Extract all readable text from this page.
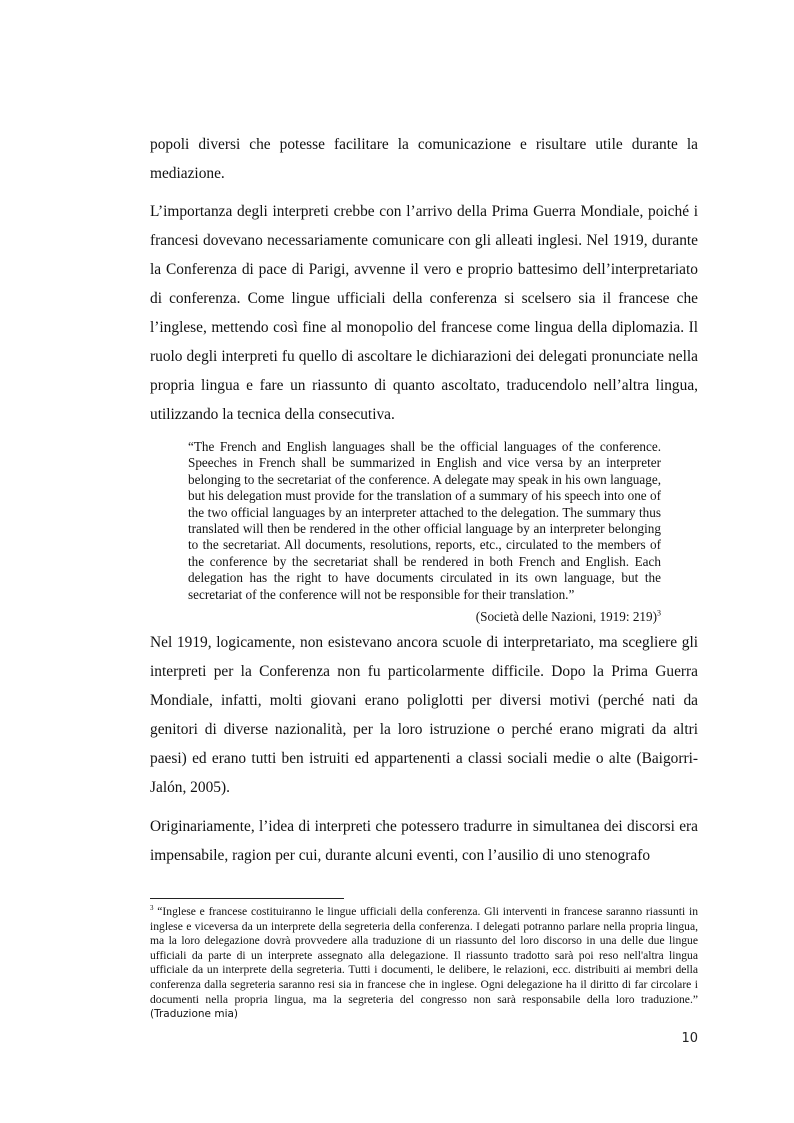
popoli diversi che potesse facilitare la comunicazione e risultare utile durante la mediazione.

L’importanza degli interpreti crebbe con l’arrivo della Prima Guerra Mondiale, poiché i francesi dovevano necessariamente comunicare con gli alleati inglesi. Nel 1919, durante la Conferenza di pace di Parigi, avvenne il vero e proprio battesimo dell’interpretariato di conferenza. Come lingue ufficiali della conferenza si scelsero sia il francese che l’inglese, mettendo così fine al monopolio del francese come lingua della diplomazia. Il ruolo degli interpreti fu quello di ascoltare le dichiarazioni dei delegati pronunciate nella propria lingua e fare un riassunto di quanto ascoltato, traducendolo nell’altra lingua, utilizzando la tecnica della consecutiva.

“The French and English languages shall be the official languages of the conference. Speeches in French shall be summarized in English and vice versa by an interpreter belonging to the secretariat of the conference. A delegate may speak in his own language, but his delegation must provide for the translation of a summary of his speech into one of the two official languages by an interpreter attached to the delegation. The summary thus translated will then be rendered in the other official language by an interpreter belonging to the secretariat. All documents, resolutions, reports, etc., circulated to the members of the conference by the secretariat shall be rendered in both French and English. Each delegation has the right to have documents circulated in its own language, but the secretariat of the conference will not be responsible for their translation.”

(Società delle Nazioni, 1919: 219)$^3$

Nel 1919, logicamente, non esistevano ancora scuole di interpretariato, ma scegliere gli interpreti per la Conferenza non fu particolarmente difficile. Dopo la Prima Guerra Mondiale, infatti, molti giovani erano poliglotti per diversi motivi (perché nati da genitori di diverse nazionalità, per la loro istruzione o perché erano migrati da altri paesi) ed erano tutti ben istruiti ed appartenenti a classi sociali medie o alte (Baigorri-Jalón, 2005).

Originariamente, l’idea di interpreti che potessero tradurre in simultanea dei discorsi era impensabile, ragion per cui, durante alcuni eventi, con l’ausilio di uno stenografo

$^3$ “Inglese e francese costituiranno le lingue ufficiali della conferenza. Gli interventi in francese saranno riassunti in inglese e viceversa da un interprete della segreteria della conferenza. I delegati potranno parlare nella propria lingua, ma la loro delegazione dovrà provvedere alla traduzione di un riassunto del loro discorso in una delle due lingue ufficiali da parte di un interprete assegnato alla delegazione. Il riassunto tradotto sarà poi reso nell'altra lingua ufficiale da un interprete della segreteria. Tutti i documenti, le delibere, le relazioni, ecc. distribuiti ai membri della conferenza dalla segreteria saranno resi sia in francese che in inglese. Ogni delegazione ha il diritto di far circolare i documenti nella propria lingua, ma la segreteria del congresso non sarà responsabile della loro traduzione.” (Traduzione mia)

10
